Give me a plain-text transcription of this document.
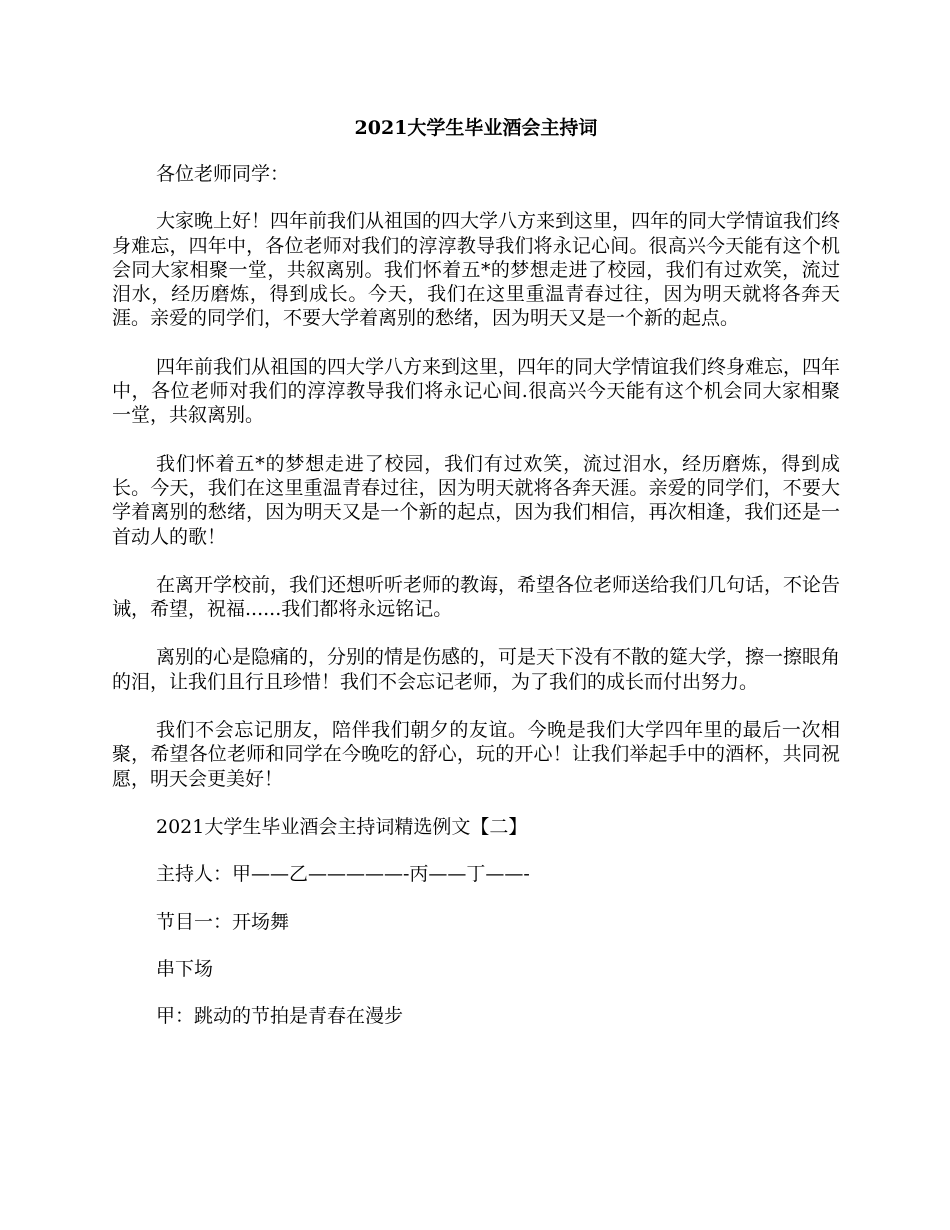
2021大学生毕业酒会主持词
各位老师同学：
大家晚上好！四年前我们从祖国的四大学八方来到这里，四年的同大学情谊我们终身难忘，四年中，各位老师对我们的淳淳教导我们将永记心间。很高兴今天能有这个机会同大家相聚一堂，共叙离别。我们怀着五*的梦想走进了校园，我们有过欢笑，流过泪水，经历磨炼，得到成长。今天，我们在这里重温青春过往，因为明天就将各奔天涯。亲爱的同学们，不要大学着离别的愁绪，因为明天又是一个新的起点。
四年前我们从祖国的四大学八方来到这里，四年的同大学情谊我们终身难忘，四年中，各位老师对我们的淳淳教导我们将永记心间.很高兴今天能有这个机会同大家相聚一堂，共叙离别。
我们怀着五*的梦想走进了校园，我们有过欢笑，流过泪水，经历磨炼，得到成长。今天，我们在这里重温青春过往，因为明天就将各奔天涯。亲爱的同学们，不要大学着离别的愁绪，因为明天又是一个新的起点，因为我们相信，再次相逢，我们还是一首动人的歌！
在离开学校前，我们还想听听老师的教诲，希望各位老师送给我们几句话，不论告诫，希望，祝福......我们都将永远铭记。
离别的心是隐痛的，分别的情是伤感的，可是天下没有不散的筵大学，擦一擦眼角的泪，让我们且行且珍惜！我们不会忘记老师，为了我们的成长而付出努力。
我们不会忘记朋友，陪伴我们朝夕的友谊。今晚是我们大学四年里的最后一次相聚，希望各位老师和同学在今晚吃的舒心，玩的开心！让我们举起手中的酒杯，共同祝愿，明天会更美好！
2021大学生毕业酒会主持词精选例文【二】
主持人：甲——乙—————-丙——丁——-
节目一：开场舞
串下场
甲：跳动的节拍是青春在漫步
